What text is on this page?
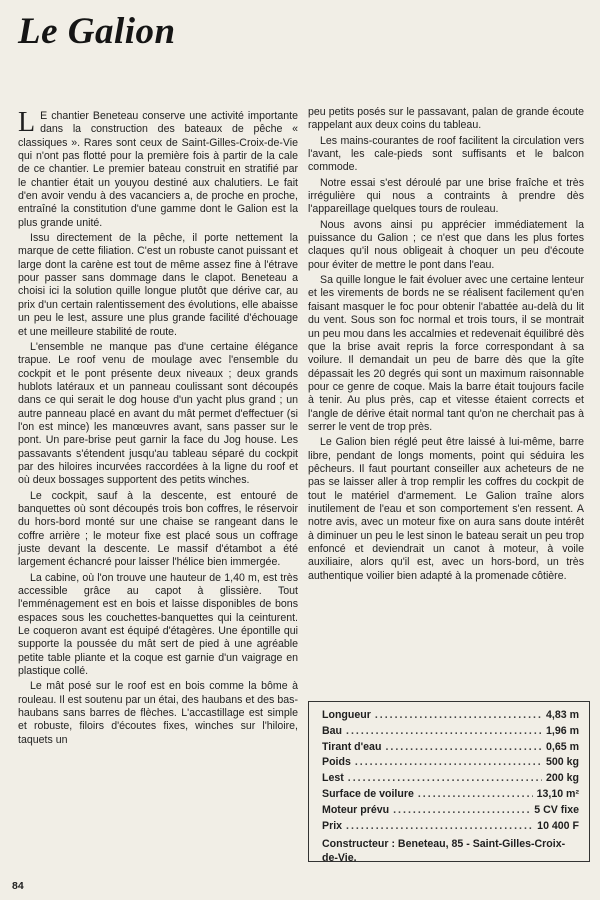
Le Galion

L E chantier Beneteau conserve une activité importante dans la construction des bateaux de pêche « classiques ». Rares sont ceux de Saint-Gilles-Croix-de-Vie qui n'ont pas flotté pour la première fois à partir de la cale de ce chantier. Le premier bateau construit en stratifié par le chantier était un youyou destiné aux chalutiers. Le fait d'en avoir vendu à des vacanciers a, de proche en proche, entraîné la constitution d'une gamme dont le Galion est la plus grande unité.

Issu directement de la pêche, il porte nettement la marque de cette filiation. C'est un robuste canot puissant et large dont la carène est tout de même assez fine à l'étrave pour passer sans dommage dans le clapot. Beneteau a choisi ici la solution quille longue plutôt que dérive car, au prix d'un certain ralentissement des évolutions, elle abaisse un peu le lest, assure une plus grande facilité d'échouage et une meilleure stabilité de route.

L'ensemble ne manque pas d'une certaine élégance trapue. Le roof venu de moulage avec l'ensemble du cockpit et le pont présente deux niveaux ; deux grands hublots latéraux et un panneau coulissant sont découpés dans ce qui serait le dog house d'un yacht plus grand ; un autre panneau placé en avant du mât permet d'effectuer (si l'on est mince) les manœuvres avant, sans passer sur le pont. Un pare-brise peut garnir la face du Jog house. Les passavants s'étendent jusqu'au tableau séparé du cockpit par des hiloires incurvées raccordées à la ligne du roof et où deux bossages supportent des petits winches.

Le cockpit, sauf à la descente, est entouré de banquettes où sont découpés trois bon coffres, le réservoir du hors-bord monté sur une chaise se rangeant dans le coffre arrière ; le moteur fixe est placé sous un coffrage juste devant la descente. Le massif d'étambot a été largement échancré pour laisser l'hélice bien immergée.

La cabine, où l'on trouve une hauteur de 1,40 m, est très accessible grâce au capot à glissière. Tout l'emménagement est en bois et laisse disponibles de bons espaces sous les couchettes-banquettes qui la ceinturent. Le coqueron avant est équipé d'étagères. Une épontille qui supporte la poussée du mât sert de pied à une agréable petite table pliante et la coque est garnie d'un vaigrage en plastique collé.

Le mât posé sur le roof est en bois comme la bôme à rouleau. Il est soutenu par un étai, des haubans et des bas-haubans sans barres de flèches. L'accastillage est simple et robuste, filoirs d'écoutes fixes, winches sur l'hiloire, taquets un

peu petits posés sur le passavant, palan de grande écoute rappelant aux deux coins du tableau.

Les mains-courantes de roof facilitent la circulation vers l'avant, les cale-pieds sont suffisants et le balcon commode.

Notre essai s'est déroulé par une brise fraîche et très irrégulière qui nous a contraints à prendre dès l'appareillage quelques tours de rouleau.

Nous avons ainsi pu apprécier immédiatement la puissance du Galion ; ce n'est que dans les plus fortes claques qu'il nous obligeait à choquer un peu d'écoute pour éviter de mettre le pont dans l'eau.

Sa quille longue le fait évoluer avec une certaine lenteur et les virements de bords ne se réalisent facilement qu'en faisant masquer le foc pour obtenir l'abattée au-delà du lit du vent. Sous son foc normal et trois tours, il se montrait un peu mou dans les accalmies et redevenait équilibré dès que la brise avait repris la force correspondant à sa voilure. Il demandait un peu de barre dès que la gîte dépassait les 20 degrés qui sont un maximum raisonnable pour ce genre de coque. Mais la barre était toujours facile à tenir. Au plus près, cap et vitesse étaient corrects et l'angle de dérive était normal tant qu'on ne cherchait pas à serrer le vent de trop près.

Le Galion bien réglé peut être laissé à lui-même, barre libre, pendant de longs moments, point qui séduira les pêcheurs. Il faut pourtant conseiller aux acheteurs de ne pas se laisser aller à trop remplir les coffres du cockpit de tout le matériel d'armement. Le Galion traîne alors inutilement de l'eau et son comportement s'en ressent. A notre avis, avec un moteur fixe on aura sans doute intérêt à diminuer un peu le lest sinon le bateau serait un peu trop enfoncé et deviendrait un canot à moteur, à voile auxiliaire, alors qu'il est, avec un hors-bord, un très authentique voilier bien adapté à la promenade côtière.

Longueur .....	4,83 m
Bau .....	1,96 m
Tirant d'eau .....	0,65 m
Poids .....	500 kg
Lest .....	200 kg
Surface de voilure .....	13,10 m²
Moteur prévu .....	5 CV fixe
Prix .....	10 400 F
Constructeur : Beneteau, 85 - Saint-Gilles-Croix-de-Vie.
84
